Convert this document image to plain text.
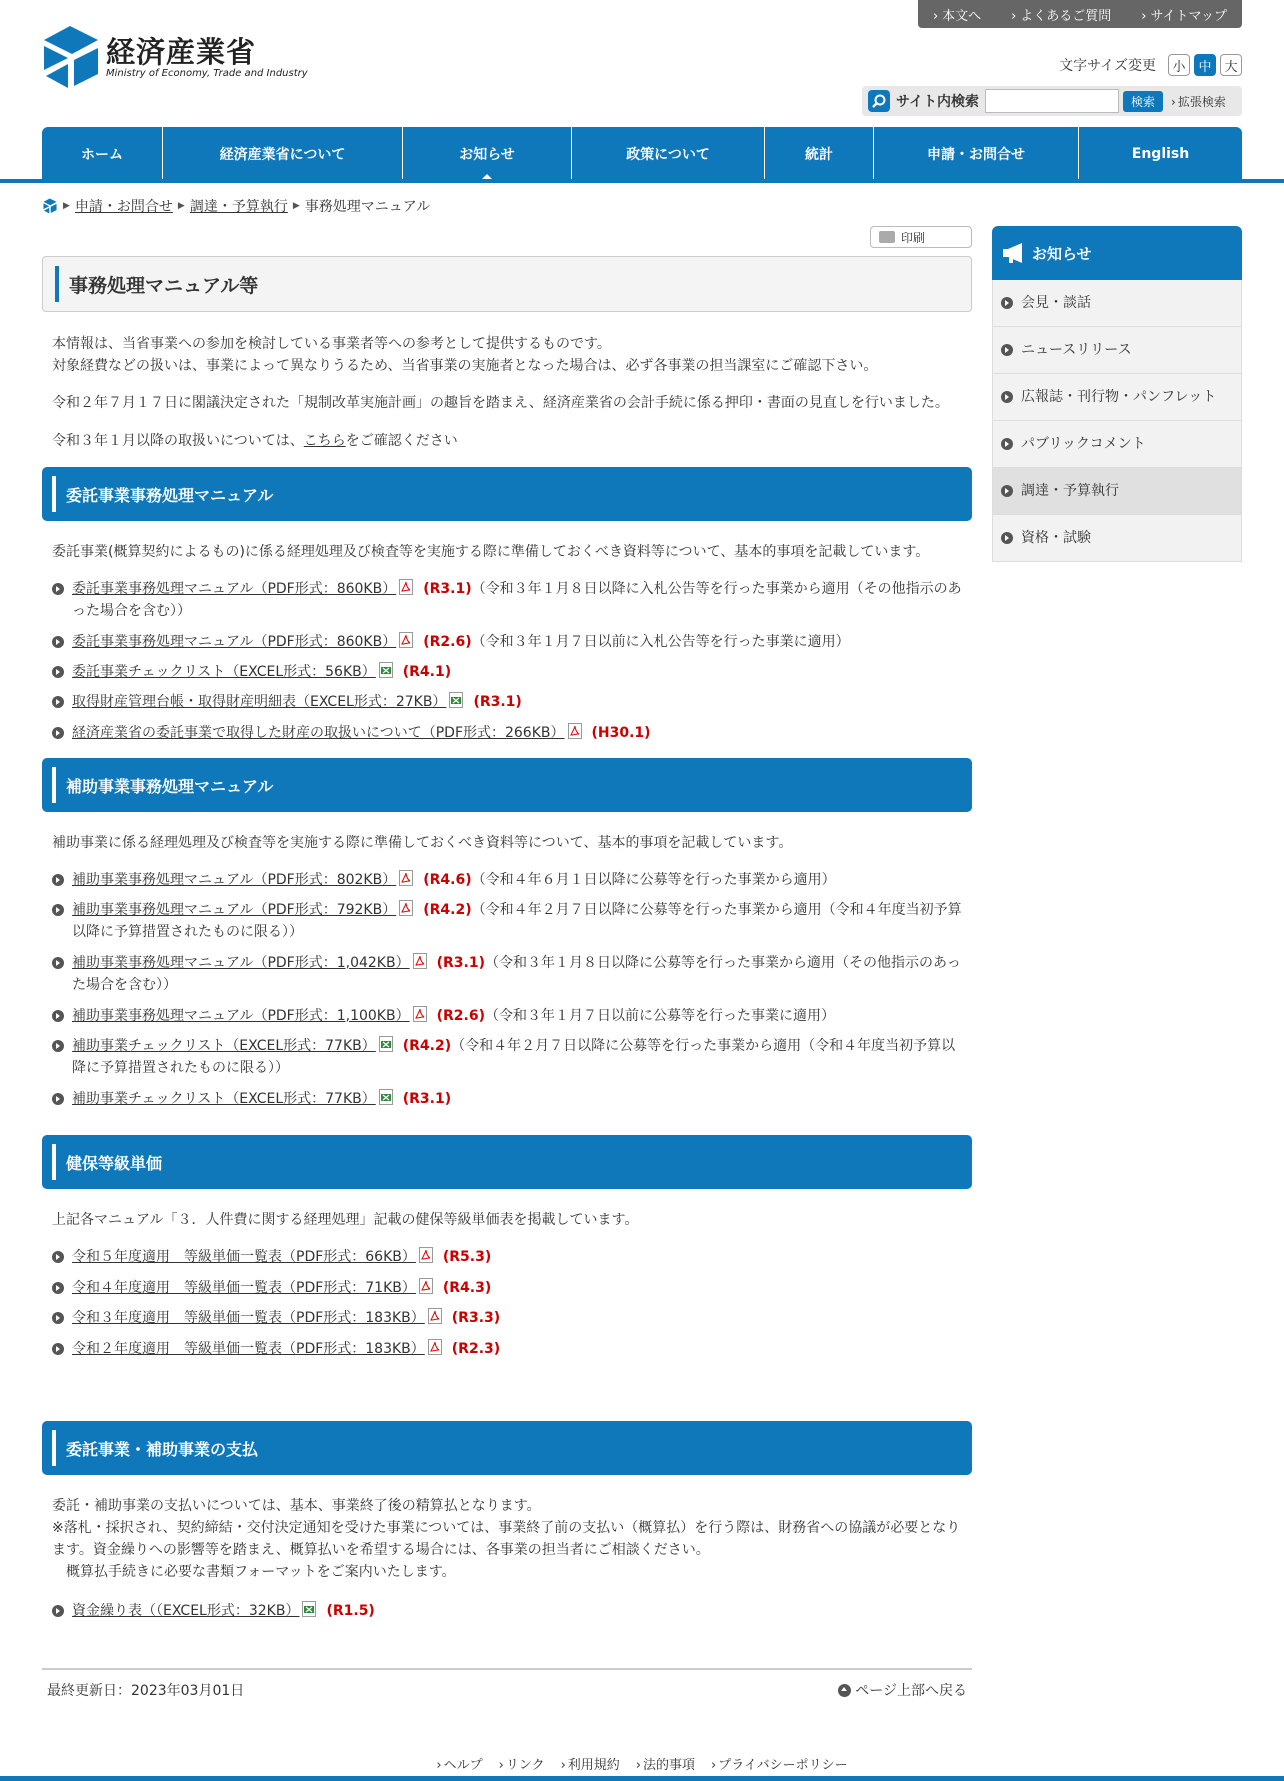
› 本文へ	› よくあるご質問	› サイトマップ
経済産業省
Ministry of Economy, Trade and Industry	文字サイズ変更	小 中 大
サイト内検索	検索	› 拡張検索
ホーム	経済産業省について	お知らせ	政策について	統計	申請・お問合せ	English
▶ 申請・お問合せ ▶ 調達・予算執行 ▶ 事務処理マニュアル
印刷
事務処理マニュアル等
本情報は、当省事業への参加を検討している事業者等への参考として提供するものです。
対象経費などの扱いは、事業によって異なりうるため、当省事業の実施者となった場合は、必ず各事業の担当課室にご確認下さい。
令和２年７月１７日に閣議決定された「規制改革実施計画」の趣旨を踏まえ、経済産業省の会計手続に係る押印・書面の見直しを行いました。
令和３年１月以降の取扱いについては、こちらをご確認ください
委託事業事務処理マニュアル
委託事業(概算契約によるもの)に係る経理処理及び検査等を実施する際に準備しておくべき資料等について、基本的事項を記載しています。
委託事業事務処理マニュアル（PDF形式：860KB） (R3.1)（令和３年１月８日以降に入札公告等を行った事業から適用（その他指示のあった場合を含む））
委託事業事務処理マニュアル（PDF形式：860KB） (R2.6)（令和３年１月７日以前に入札公告等を行った事業に適用）
委託事業チェックリスト（EXCEL形式：56KB） (R4.1)
取得財産管理台帳・取得財産明細表（EXCEL形式：27KB） (R3.1)
経済産業省の委託事業で取得した財産の取扱いについて（PDF形式：266KB） (H30.1)
補助事業事務処理マニュアル
補助事業に係る経理処理及び検査等を実施する際に準備しておくべき資料等について、基本的事項を記載しています。
補助事業事務処理マニュアル（PDF形式：802KB） (R4.6)（令和４年６月１日以降に公募等を行った事業から適用）
補助事業事務処理マニュアル（PDF形式：792KB） (R4.2)（令和４年２月７日以降に公募等を行った事業から適用（令和４年度当初予算以降に予算措置されたものに限る））
補助事業事務処理マニュアル（PDF形式：1,042KB） (R3.1)（令和３年１月８日以降に公募等を行った事業から適用（その他指示のあった場合を含む））
補助事業事務処理マニュアル（PDF形式：1,100KB） (R2.6)（令和３年１月７日以前に公募等を行った事業に適用）
補助事業チェックリスト（EXCEL形式：77KB） (R4.2)（令和４年２月７日以降に公募等を行った事業から適用（令和４年度当初予算以降に予算措置されたものに限る））
補助事業チェックリスト（EXCEL形式：77KB） (R3.1)
健保等級単価
上記各マニュアル「３．人件費に関する経理処理」記載の健保等級単価表を掲載しています。
令和５年度適用　等級単価一覧表（PDF形式：66KB） (R5.3)
令和４年度適用　等級単価一覧表（PDF形式：71KB） (R4.3)
令和３年度適用　等級単価一覧表（PDF形式：183KB） (R3.3)
令和２年度適用　等級単価一覧表（PDF形式：183KB） (R2.3)
委託事業・補助事業の支払
委託・補助事業の支払いについては、基本、事業終了後の精算払となります。
※落札・採択され、契約締結・交付決定通知を受けた事業については、事業終了前の支払い（概算払）を行う際は、財務省への協議が必要となります。資金繰りへの影響等を踏まえ、概算払いを希望する場合には、各事業の担当者にご相談ください。
　概算払手続きに必要な書類フォーマットをご案内いたします。
資金繰り表（（EXCEL形式：32KB） (R1.5)
お知らせ
会見・談話
ニュースリリース
広報誌・刊行物・パンフレット
パブリックコメント
調達・予算執行
資格・試験
最終更新日：2023年03月01日	ページ上部へ戻る
› ヘルプ	› リンク	› 利用規約	› 法的事項	› プライバシーポリシー
